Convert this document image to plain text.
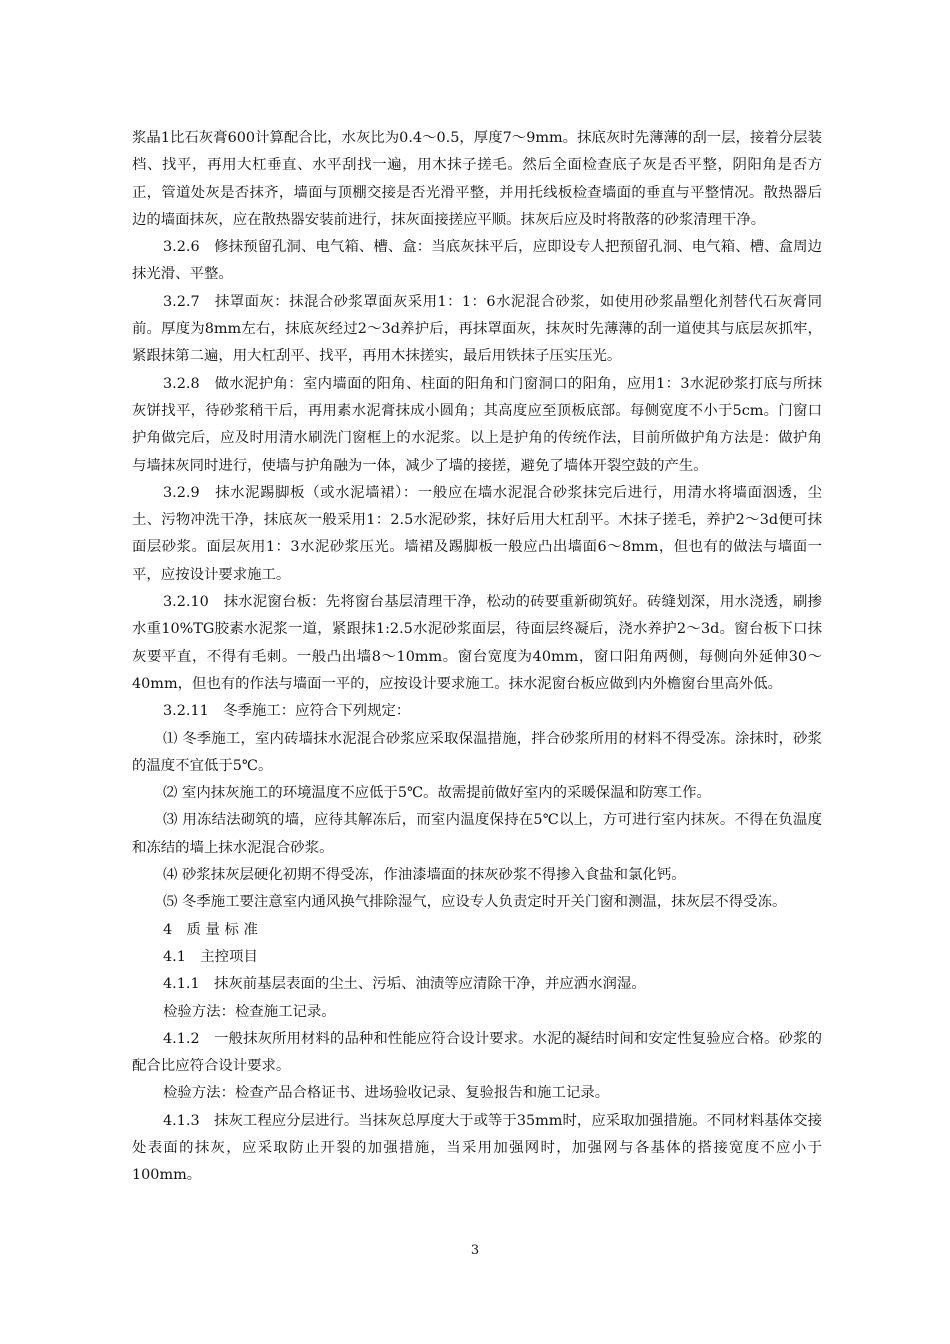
浆晶1比石灰膏600计算配合比，水灰比为0.4～0.5，厚度7～9mm。抹底灰时先薄薄的刮一层，接着分层装档、找平，再用大杠垂直、水平刮找一遍，用木抹子搓毛。然后全面检查底子灰是否平整，阴阳角是否方正，管道处灰是否抹齐，墙面与顶棚交接是否光滑平整，并用托线板检查墙面的垂直与平整情况。散热器后边的墙面抹灰，应在散热器安装前进行，抹灰面接搓应平顺。抹灰后应及时将散落的砂浆清理干净。

3.2.6　修抹预留孔洞、电气箱、槽、盒：当底灰抹平后，应即设专人把预留孔洞、电气箱、槽、盒周边抹光滑、平整。

3.2.7　抹罩面灰：抹混合砂浆罩面灰采用1：1：6水泥混合砂浆，如使用砂浆晶塑化剂替代石灰膏同前。厚度为8mm左右，抹底灰经过2～3d养护后，再抹罩面灰，抹灰时先薄薄的刮一道使其与底层灰抓牢，紧跟抹第二遍，用大杠刮平、找平，再用木抹搓实，最后用铁抹子压实压光。

3.2.8　做水泥护角：室内墙面的阳角、柱面的阳角和门窗洞口的阳角，应用1：3水泥砂浆打底与所抹灰饼找平，待砂浆稍干后，再用素水泥膏抹成小圆角；其高度应至顶板底部。每侧宽度不小于5cm。门窗口护角做完后，应及时用清水刷洗门窗框上的水泥浆。以上是护角的传统作法，目前所做护角方法是：做护角与墙抹灰同时进行，使墙与护角融为一体，减少了墙的接搓，避免了墙体开裂空鼓的产生。

3.2.9　抹水泥踢脚板（或水泥墙裙）：一般应在墙水泥混合砂浆抹完后进行，用清水将墙面洇透，尘土、污物冲洗干净，抹底灰一般采用1：2.5水泥砂浆，抹好后用大杠刮平。木抹子搓毛，养护2～3d便可抹面层砂浆。面层灰用1：3水泥砂浆压光。墙裙及踢脚板一般应凸出墙面6～8mm，但也有的做法与墙面一平，应按设计要求施工。

3.2.10　抹水泥窗台板：先将窗台基层清理干净，松动的砖要重新砌筑好。砖缝划深，用水浇透，刷掺水重10%TG胶素水泥浆一道，紧跟抹1:2.5水泥砂浆面层，待面层终凝后，浇水养护2～3d。窗台板下口抹灰要平直，不得有毛刺。一般凸出墙8～10mm。窗台宽度为40mm，窗口阳角两侧，每侧向外延伸30～40mm，但也有的作法与墙面一平的，应按设计要求施工。抹水泥窗台板应做到内外檐窗台里高外低。

3.2.11　冬季施工：应符合下列规定：

⑴ 冬季施工，室内砖墙抹水泥混合砂浆应采取保温措施，拌合砂浆所用的材料不得受冻。涂抹时，砂浆的温度不宜低于5℃。

⑵ 室内抹灰施工的环境温度不应低于5℃。故需提前做好室内的采暖保温和防寒工作。

⑶ 用冻结法砌筑的墙，应待其解冻后，而室内温度保持在5℃以上，方可进行室内抹灰。不得在负温度和冻结的墙上抹水泥混合砂浆。

⑷ 砂浆抹灰层硬化初期不得受冻，作油漆墙面的抹灰砂浆不得掺入食盐和氯化钙。

⑸ 冬季施工要注意室内通风换气排除湿气，应设专人负责定时开关门窗和测温，抹灰层不得受冻。

4　质 量 标 准

4.1　主控项目

4.1.1　抹灰前基层表面的尘土、污垢、油渍等应清除干净，并应洒水润湿。

检验方法：检查施工记录。

4.1.2　一般抹灰所用材料的品种和性能应符合设计要求。水泥的凝结时间和安定性复验应合格。砂浆的配合比应符合设计要求。

检验方法：检查产品合格证书、进场验收记录、复验报告和施工记录。

4.1.3　抹灰工程应分层进行。当抹灰总厚度大于或等于35mm时，应采取加强措施。不同材料基体交接处表面的抹灰，应采取防止开裂的加强措施，当采用加强网时，加强网与各基体的搭接宽度不应小于100mm。

3
